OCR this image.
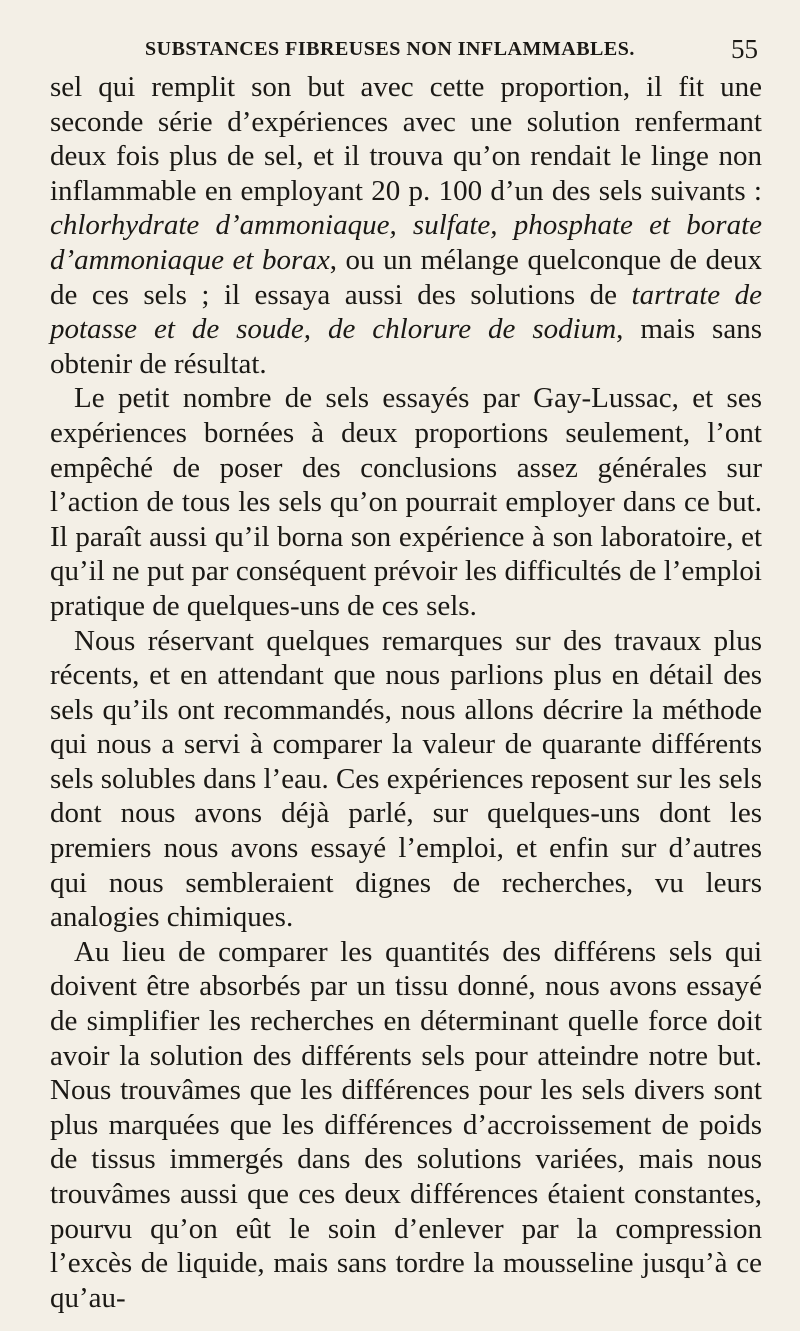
SUBSTANCES FIBREUSES NON INFLAMMABLES.	55

sel qui remplit son but avec cette proportion, il fit une seconde série d’expériences avec une solution renfermant deux fois plus de sel, et il trouva qu’on rendait le linge non inflammable en employant 20 p. 100 d’un des sels suivants : chlorhydrate d’ammoniaque, sulfate, phosphate et borate d’ammoniaque et borax, ou un mélange quelconque de deux de ces sels ; il essaya aussi des solutions de tartrate de potasse et de soude, de chlorure de sodium, mais sans obtenir de résultat.

Le petit nombre de sels essayés par Gay-Lussac, et ses expériences bornées à deux proportions seulement, l’ont empêché de poser des conclusions assez générales sur l’action de tous les sels qu’on pourrait employer dans ce but. Il paraît aussi qu’il borna son expérience à son laboratoire, et qu’il ne put par conséquent prévoir les difficultés de l’emploi pratique de quelques-uns de ces sels.

Nous réservant quelques remarques sur des travaux plus récents, et en attendant que nous parlions plus en détail des sels qu’ils ont recommandés, nous allons décrire la méthode qui nous a servi à comparer la valeur de quarante différents sels solubles dans l’eau. Ces expériences reposent sur les sels dont nous avons déjà parlé, sur quelques-uns dont les premiers nous avons essayé l’emploi, et enfin sur d’autres qui nous sembleraient dignes de recherches, vu leurs analogies chimiques.

Au lieu de comparer les quantités des différens sels qui doivent être absorbés par un tissu donné, nous avons essayé de simplifier les recherches en déterminant quelle force doit avoir la solution des différents sels pour atteindre notre but. Nous trouvâmes que les différences pour les sels divers sont plus marquées que les différences d’accroissement de poids de tissus immergés dans des solutions variées, mais nous trouvâmes aussi que ces deux différences étaient constantes, pourvu qu’on eût le soin d’enlever par la compression l’excès de liquide, mais sans tordre la mousseline jusqu’à ce qu’au-
